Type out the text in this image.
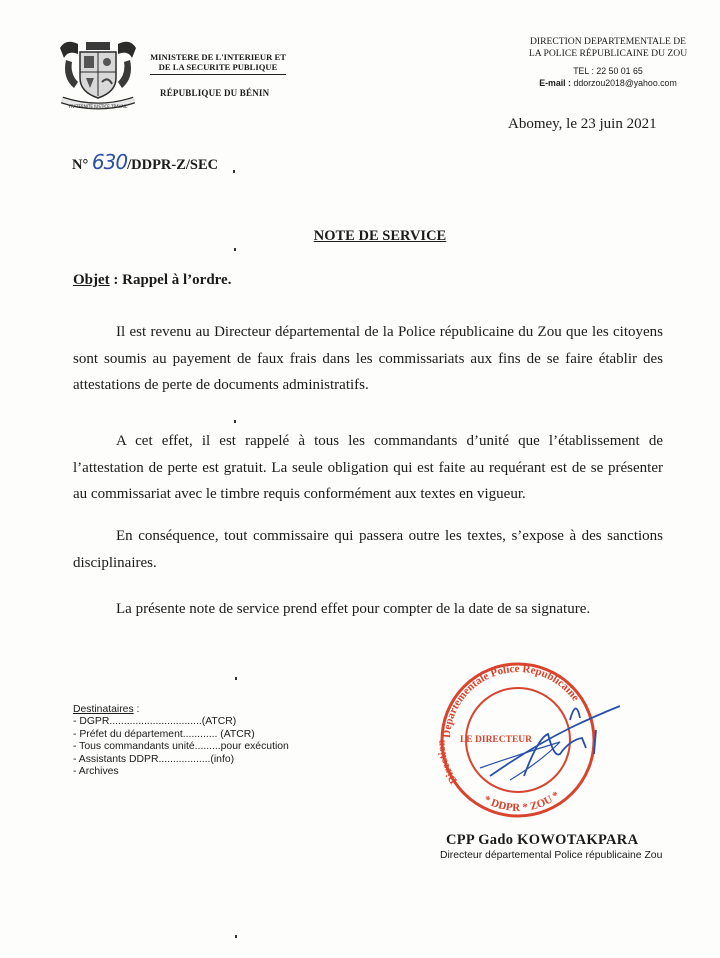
FRATERNITE JUSTICE TRAVAIL
MINISTERE DE L'INTERIEUR ET
DE LA SECURITE PUBLIQUE
RÉPUBLIQUE DU BÉNIN
DIRECTION DEPARTEMENTALE DE
LA POLICE RÉPUBLICAINE DU ZOU
TEL : 22 50 01 65
E-mail : ddorzou2018@yahoo.com
Abomey, le 23 juin 2021
N° 630/DDPR-Z/SEC
NOTE DE SERVICE
Objet : Rappel à l’ordre.
Il est revenu au Directeur départemental de la Police républicaine du Zou que les citoyens sont soumis au payement de faux frais dans les commissariats aux fins de se faire établir des attestations de perte de documents administratifs.
A cet effet, il est rappelé à tous les commandants d’unité que l’établissement de l’attestation de perte est gratuit. La seule obligation qui est faite au requérant est de se présenter au commissariat avec le timbre requis conformément aux textes en vigueur.
En conséquence, tout commissaire qui passera outre les textes, s’expose à des sanctions disciplinaires.
La présente note de service prend effet pour compter de la date de sa signature.
Destinataires :
- DGPR................................(ATCR)
- Préfet du département............ (ATCR)
- Tous commandants unité.........pour exécution
- Assistants DDPR..................(info)
- Archives
Departementale Police Republicaine
Direction
* DDPR * ZOU *
LE DIRECTEUR
CPP Gado KOWOTAKPARA
Directeur départemental Police républicaine Zou
